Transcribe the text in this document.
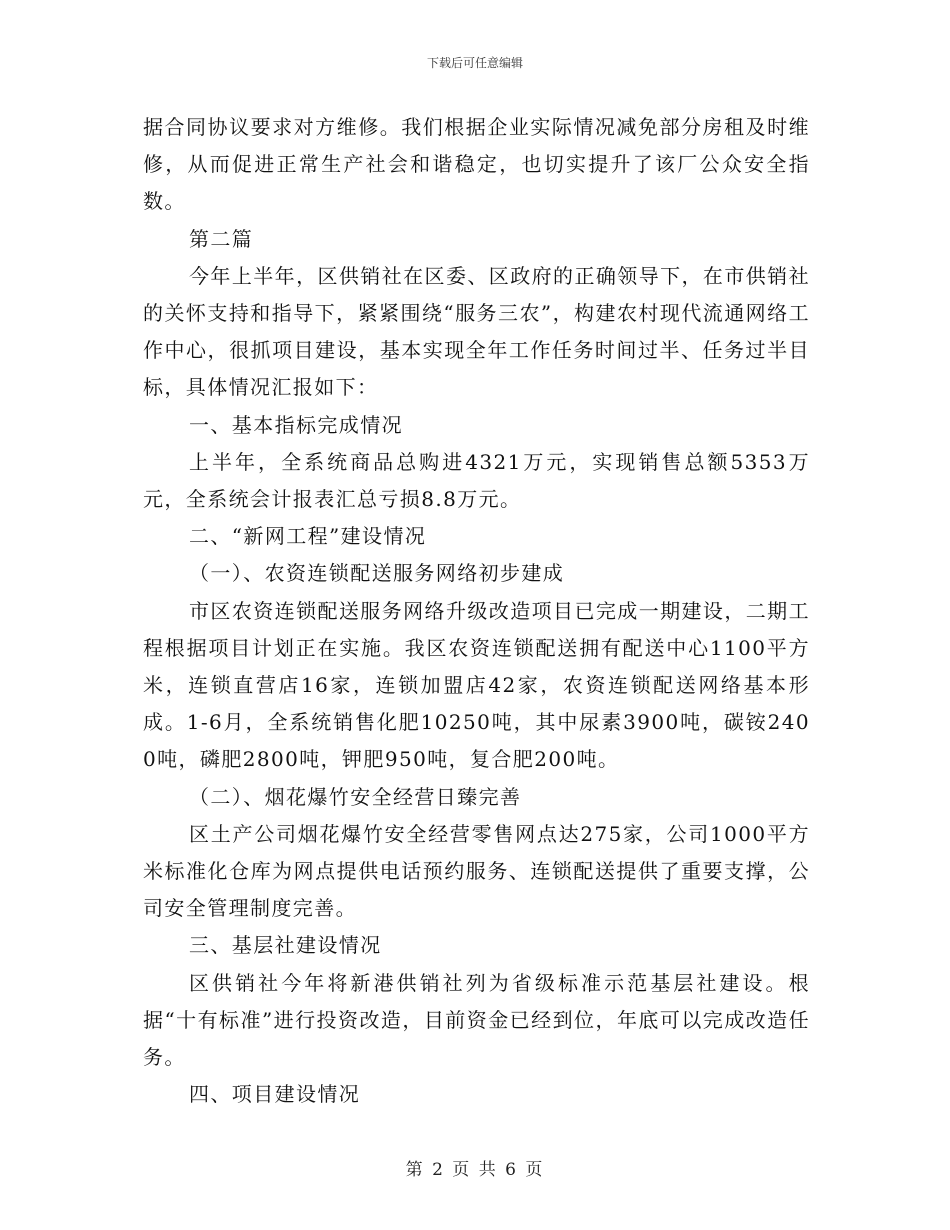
下载后可任意编辑

据合同协议要求对方维修。我们根据企业实际情况减免部分房租及时维修，从而促进正常生产社会和谐稳定，也切实提升了该厂公众安全指数。

第二篇

今年上半年，区供销社在区委、区政府的正确领导下，在市供销社的关怀支持和指导下，紧紧围绕“服务三农”，构建农村现代流通网络工作中心，很抓项目建设，基本实现全年工作任务时间过半、任务过半目标，具体情况汇报如下：

一、基本指标完成情况

上半年，全系统商品总购进4321万元，实现销售总额5353万元，全系统会计报表汇总亏损8.8万元。

二、“新网工程”建设情况

（一）、农资连锁配送服务网络初步建成

市区农资连锁配送服务网络升级改造项目已完成一期建设，二期工程根据项目计划正在实施。我区农资连锁配送拥有配送中心1100平方米，连锁直营店16家，连锁加盟店42家，农资连锁配送网络基本形成。1-6月，全系统销售化肥10250吨，其中尿素3900吨，碳铵2400吨，磷肥2800吨，钾肥950吨，复合肥200吨。

（二）、烟花爆竹安全经营日臻完善

区土产公司烟花爆竹安全经营零售网点达275家，公司1000平方米标准化仓库为网点提供电话预约服务、连锁配送提供了重要支撑，公司安全管理制度完善。

三、基层社建设情况

区供销社今年将新港供销社列为省级标准示范基层社建设。根据“十有标准”进行投资改造，目前资金已经到位，年底可以完成改造任务。

四、项目建设情况

第 2 页 共 6 页
